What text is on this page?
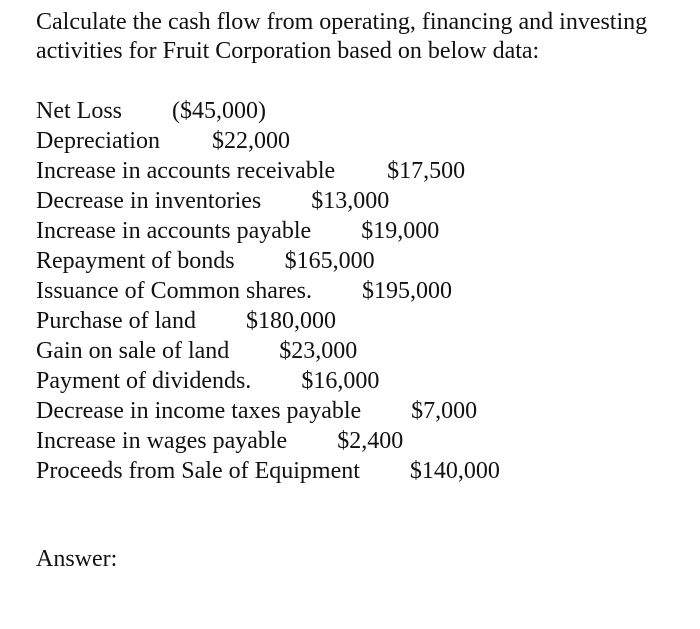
Calculate the cash flow from operating, financing and investing
activities for Fruit Corporation based on below data:
Net Loss ($45,000)
Depreciation $22,000
Increase in accounts receivable $17,500
Decrease in inventories $13,000
Increase in accounts payable $19,000
Repayment of bonds $165,000
Issuance of Common shares. $195,000
Purchase of land $180,000
Gain on sale of land $23,000
Payment of dividends. $16,000
Decrease in income taxes payable $7,000
Increase in wages payable $2,400
Proceeds from Sale of Equipment $140,000
Answer:
